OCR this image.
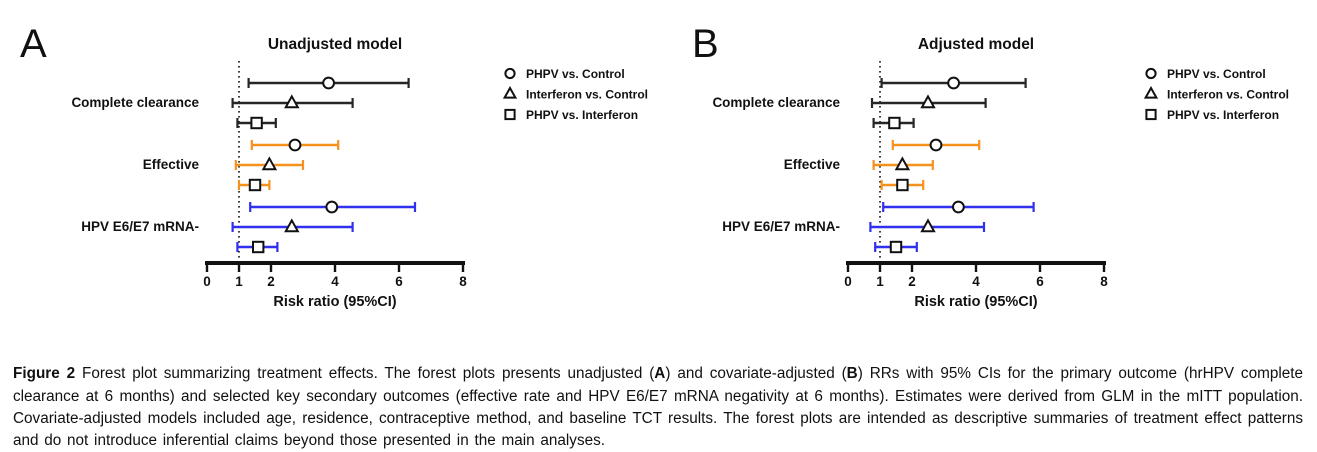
A	Unadjusted model
Complete clearance
Effective
HPV E6/E7 mRNA-
0 1 2	4	6	8
Risk ratio (95%CI)
PHPV vs. Control
Interferon vs. Control
PHPV vs. Interferon
B	Adjusted model
Complete clearance
Effective
HPV E6/E7 mRNA-
0 1 2	4	6	8
Risk ratio (95%CI)
PHPV vs. Control
Interferon vs. Control
PHPV vs. Interferon

Figure 2 Forest plot summarizing treatment effects. The forest plots presents unadjusted (A) and covariate-adjusted (B) RRs with 95% CIs for the primary outcome (hrHPV complete clearance at 6 months) and selected key secondary outcomes (effective rate and HPV E6/E7 mRNA negativity at 6 months). Estimates were derived from GLM in the mITT population. Covariate-adjusted models included age, residence, contraceptive method, and baseline TCT results. The forest plots are intended as descriptive summaries of treatment effect patterns and do not introduce inferential claims beyond those presented in the main analyses.
